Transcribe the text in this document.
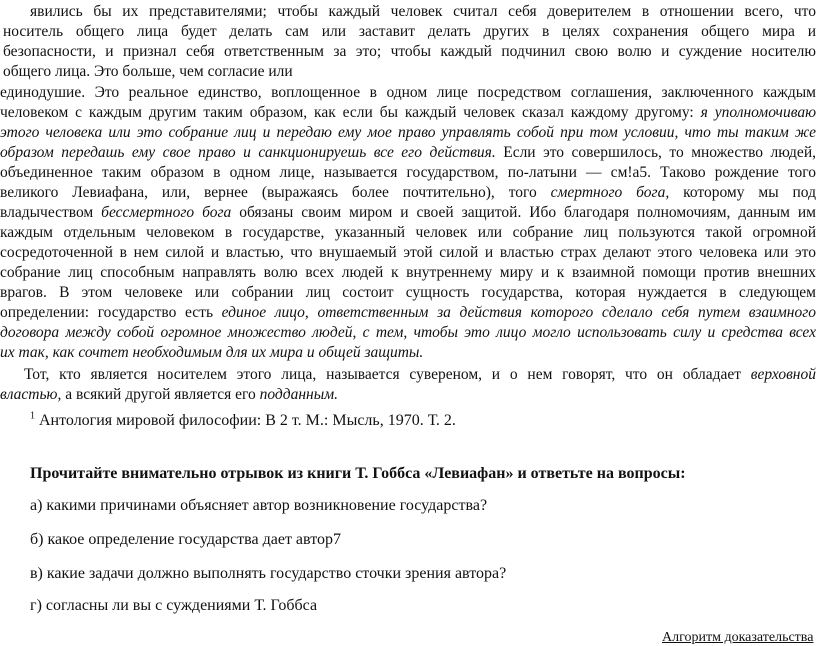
явились бы их представителями; чтобы каждый человек считал себя доверителем в отношении всего, что
носитель общего лица будет делать сам или заставит делать других в целях сохранения общего мира и
безопасности, и признал себя ответственным за это; чтобы каждый подчинил свою волю и суждение носителю
общего лица. Это больше, чем согласие или
единодушие. Это реальное единство, воплощенное в одном лице посредством соглашения, заключенного каждым
человеком с каждым другим таким образом, как если бы каждый человек сказал каждому другому: я уполномочиваю
этого человека или это собрание лиц и передаю ему мое право управлять собой при том условии, что ты таким же
образом передашь ему свое право и санкционируешь все его действия. Если это совершилось, то множество людей,
объединенное таким образом в одном лице, называется государством, по-латыни — см!а5. Таково рождение того
великого Левиафана, или, вернее (выражаясь более почтительно), того смертного бога, которому мы под
владычеством бессмертного бога обязаны своим миром и своей защитой. Ибо благодаря полномочиям, данным им
каждым отдельным человеком в государстве, указанный человек или собрание лиц пользуются такой огромной
сосредоточенной в нем силой и властью, что внушаемый этой силой и властью страх делают этого человека или это
собрание лиц способным направлять волю всех людей к внутреннему миру и к взаимной помощи против внешних
врагов. В этом человеке или собрании лиц состоит сущность государства, которая нуждается в следующем
определении: государство есть единое лицо, ответственным за действия которого сделало себя путем взаимного
договора между собой огромное множество людей, с тем, чтобы это лицо могло использовать силу и средства всех
их так, как сочтет необходимым для их мира и общей защиты.
Тот, кто является носителем этого лица, называется сувереном, и о нем говорят, что он обладает верховной
властью, а всякий другой является его подданным.
$^1$ Антология мировой философии: В 2 т. М.: Мысль, 1970. Т. 2.
Прочитайте внимательно отрывок из книги Т. Гоббса «Левиафан» и ответьте на вопросы:
а) какими причинами объясняет автор возникновение государства?
б) какое определение государства дает автор7
в) какие задачи должно выполнять государство сточки зрения автора?
г) согласны ли вы с суждениями Т. Гоббса
Алгоритм доказательства
